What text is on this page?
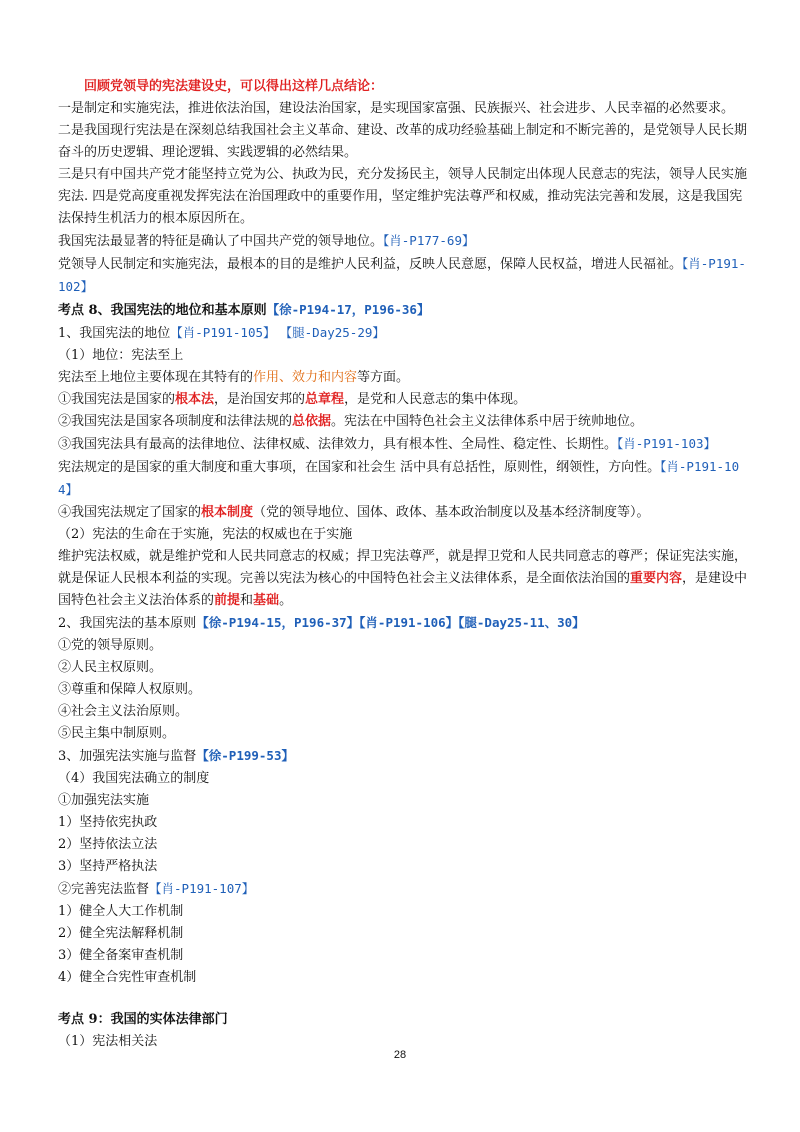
回顾党领导的宪法建设史，可以得出这样几点结论：

一是制定和实施宪法，推进依法治国，建设法治国家，是实现国家富强、民族振兴、社会进步、人民幸福的必然要求。

二是我国现行宪法是在深刻总结我国社会主义革命、建设、改革的成功经验基础上制定和不断完善的，是党领导人民长期奋斗的历史逻辑、理论逻辑、实践逻辑的必然结果。

三是只有中国共产党才能坚持立党为公、执政为民，充分发扬民主，领导人民制定出体现人民意志的宪法，领导人民实施宪法. 四是党高度重视发挥宪法在治国理政中的重要作用，坚定维护宪法尊严和权威，推动宪法完善和发展，这是我国宪法保持生机活力的根本原因所在。

我国宪法最显著的特征是确认了中国共产党的领导地位。【肖-P177-69】

党领导人民制定和实施宪法，最根本的目的是维护人民利益，反映人民意愿，保障人民权益，增进人民福祉。【肖-P191-102】

考点 8、我国宪法的地位和基本原则【徐-P194-17，P196-36】

1、我国宪法的地位【肖-P191-105】 【腿-Day25-29】

（1）地位：宪法至上

宪法至上地位主要体现在其特有的作用、效力和内容等方面。

①我国宪法是国家的根本法，是治国安邦的总章程，是党和人民意志的集中体现。

②我国宪法是国家各项制度和法律法规的总依据。宪法在中国特色社会主义法律体系中居于统帅地位。

③我国宪法具有最高的法律地位、法律权威、法律效力，具有根本性、全局性、稳定性、长期性。【肖-P191-103】

宪法规定的是国家的重大制度和重大事项，在国家和社会生 活中具有总括性，原则性，纲领性，方向性。【肖-P191-104】

④我国宪法规定了国家的根本制度（党的领导地位、国体、政体、基本政治制度以及基本经济制度等）。

（2）宪法的生命在于实施，宪法的权威也在于实施

维护宪法权威，就是维护党和人民共同意志的权威；捍卫宪法尊严，就是捍卫党和人民共同意志的尊严；保证宪法实施，就是保证人民根本利益的实现。完善以宪法为核心的中国特色社会主义法律体系，是全面依法治国的重要内容，是建设中国特色社会主义法治体系的前提和基础。

2、我国宪法的基本原则【徐-P194-15，P196-37】【肖-P191-106】【腿-Day25-11、30】

①党的领导原则。

②人民主权原则。

③尊重和保障人权原则。

④社会主义法治原则。

⑤民主集中制原则。

3、加强宪法实施与监督【徐-P199-53】

（4）我国宪法确立的制度

①加强宪法实施

1）坚持依宪执政

2）坚持依法立法

3）坚持严格执法

②完善宪法监督【肖-P191-107】

1）健全人大工作机制

2）健全宪法解释机制

3）健全备案审查机制

4）健全合宪性审查机制

考点 9：我国的实体法律部门

（1）宪法相关法

28
